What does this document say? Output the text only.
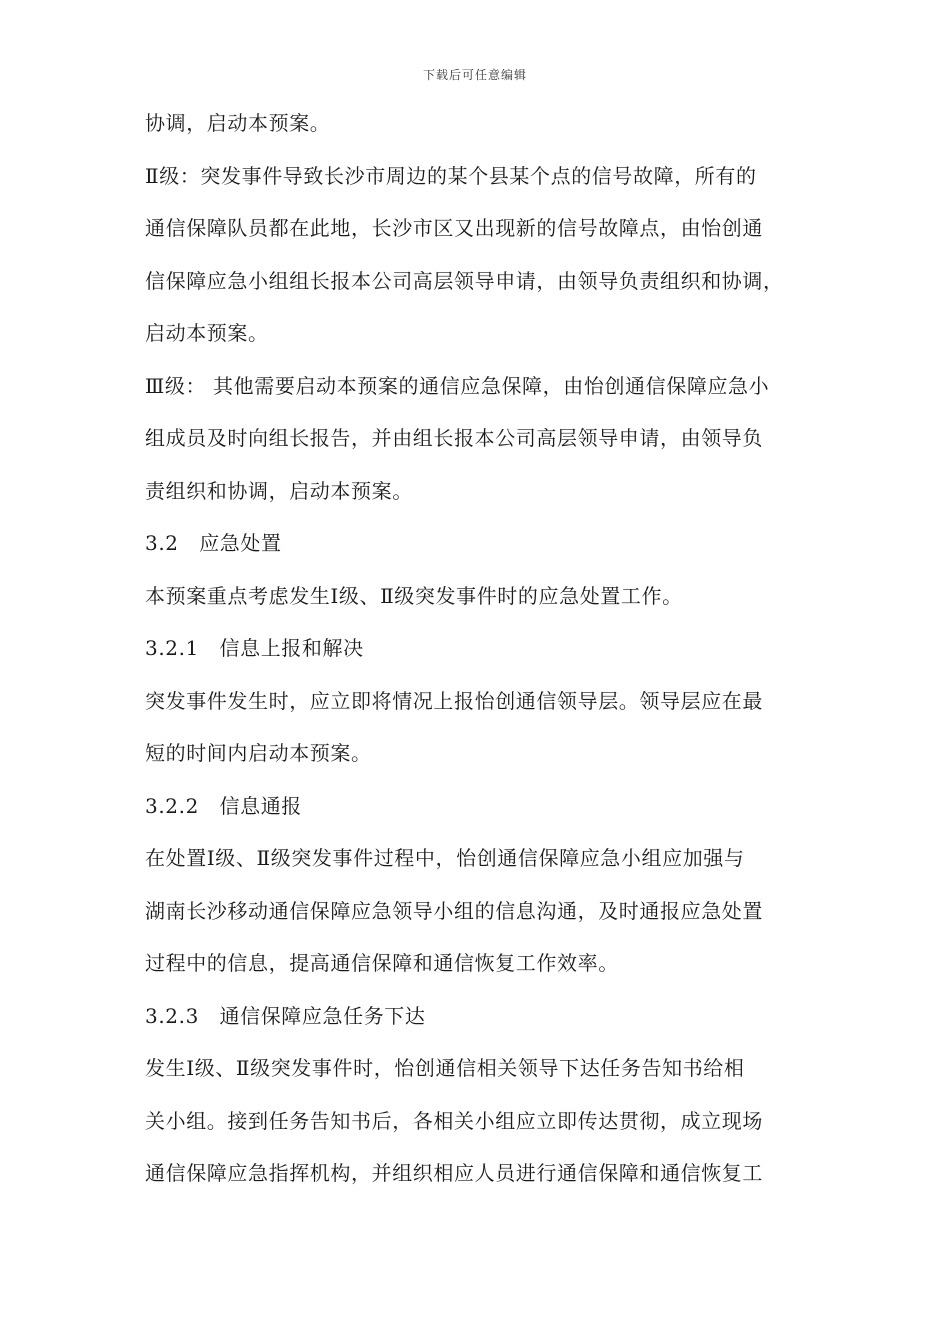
下载后可任意编辑
协调，启动本预案。
Ⅱ级：突发事件导致长沙市周边的某个县某个点的信号故障，所有的
通信保障队员都在此地，长沙市区又出现新的信号故障点，由怡创通
信保障应急小组组长报本公司高层领导申请，由领导负责组织和协调，
启动本预案。
Ⅲ级： 其他需要启动本预案的通信应急保障，由怡创通信保障应急小
组成员及时向组长报告，并由组长报本公司高层领导申请，由领导负
责组织和协调，启动本预案。
3.2　应急处置
本预案重点考虑发生Ⅰ级、Ⅱ级突发事件时的应急处置工作。
3.2.1　信息上报和解决
突发事件发生时，应立即将情况上报怡创通信领导层。领导层应在最
短的时间内启动本预案。
3.2.2　信息通报
在处置Ⅰ级、Ⅱ级突发事件过程中，怡创通信保障应急小组应加强与
湖南长沙移动通信保障应急领导小组的信息沟通，及时通报应急处置
过程中的信息，提高通信保障和通信恢复工作效率。
3.2.3　通信保障应急任务下达
发生Ⅰ级、Ⅱ级突发事件时，怡创通信相关领导下达任务告知书给相
关小组。接到任务告知书后，各相关小组应立即传达贯彻，成立现场
通信保障应急指挥机构，并组织相应人员进行通信保障和通信恢复工
